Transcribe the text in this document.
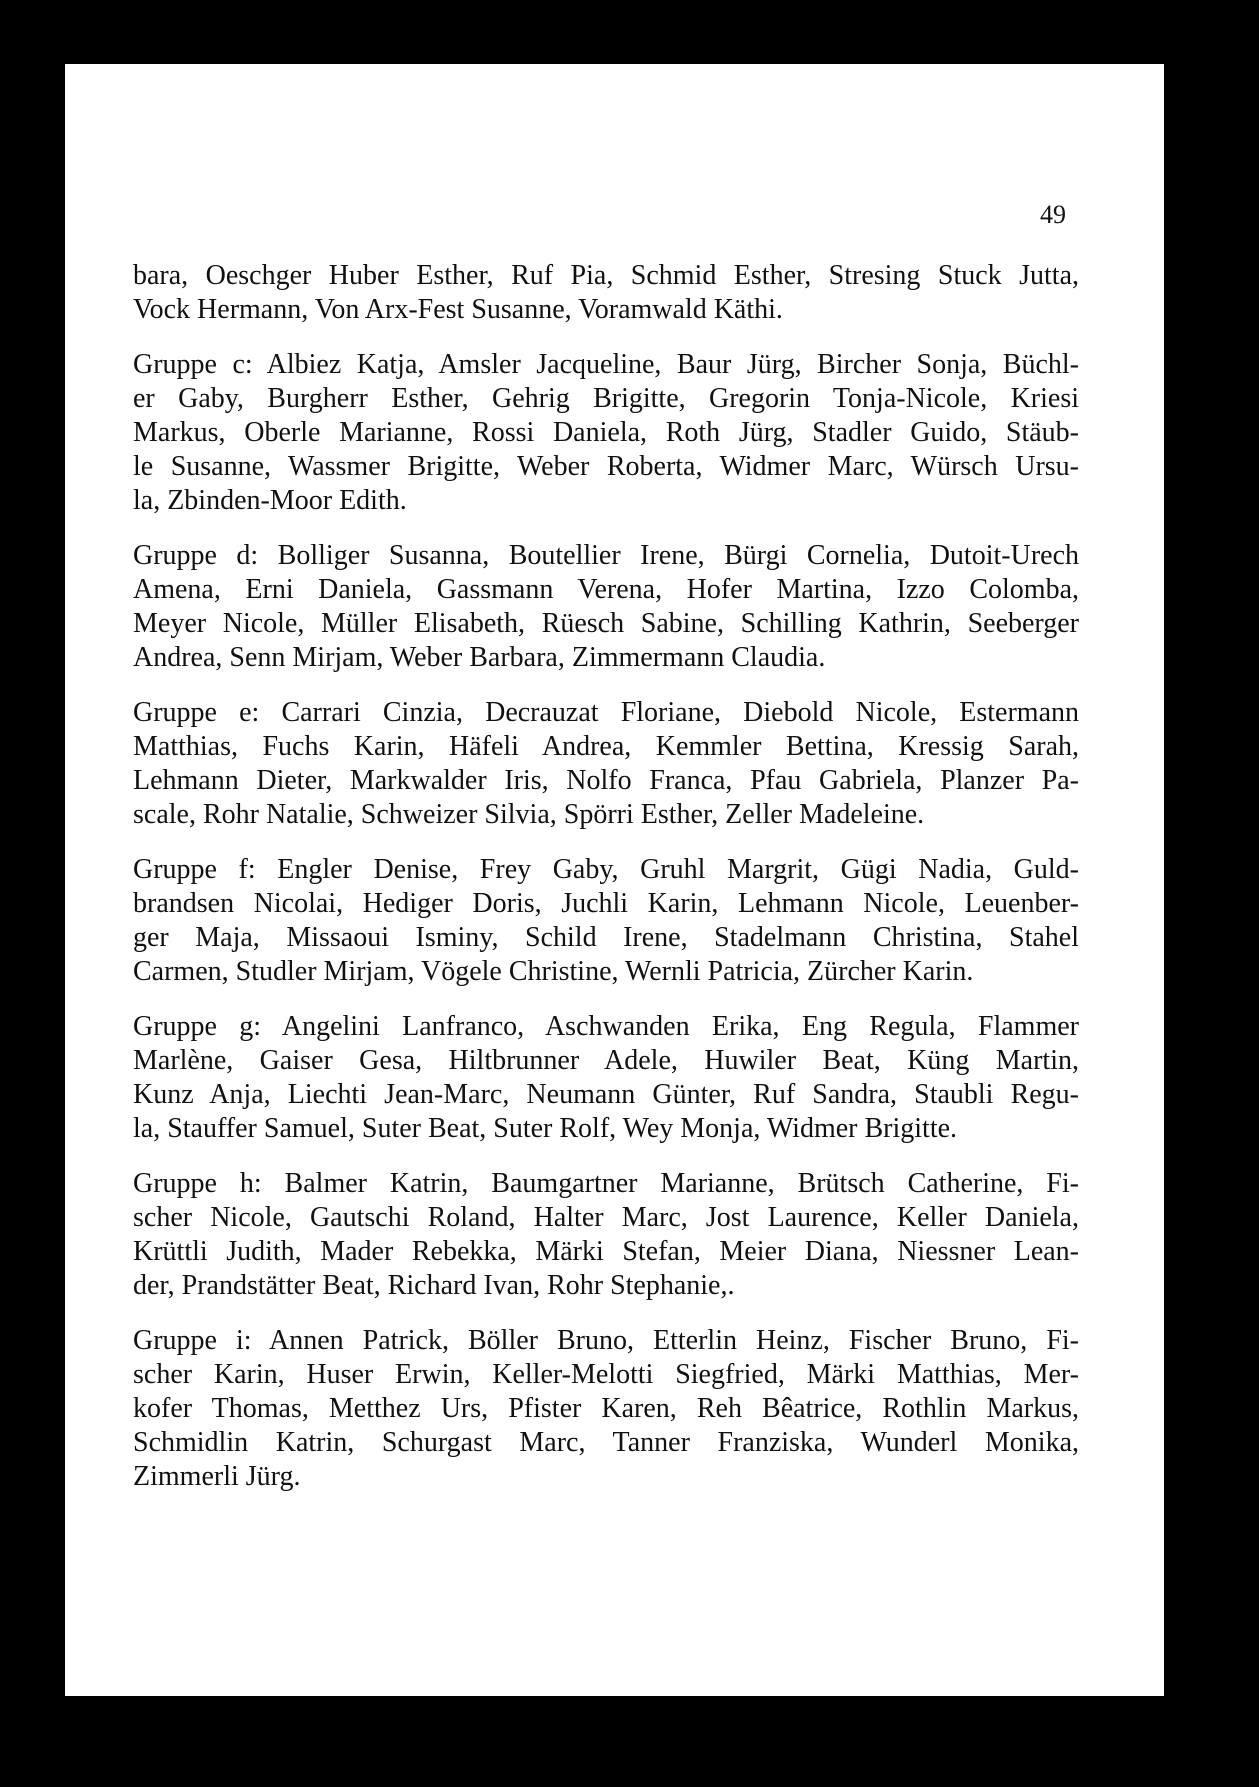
49
bara, Oeschger Huber Esther, Ruf Pia, Schmid Esther, Stresing Stuck Jutta,
Vock Hermann, Von Arx-Fest Susanne, Voramwald Käthi.
Gruppe c: Albiez Katja, Amsler Jacqueline, Baur Jürg, Bircher Sonja, Büchl-
er Gaby, Burgherr Esther, Gehrig Brigitte, Gregorin Tonja-Nicole, Kriesi
Markus, Oberle Marianne, Rossi Daniela, Roth Jürg, Stadler Guido, Stäub-
le Susanne, Wassmer Brigitte, Weber Roberta, Widmer Marc, Würsch Ursu-
la, Zbinden-Moor Edith.
Gruppe d: Bolliger Susanna, Boutellier Irene, Bürgi Cornelia, Dutoit-Urech
Amena, Erni Daniela, Gassmann Verena, Hofer Martina, Izzo Colomba,
Meyer Nicole, Müller Elisabeth, Rüesch Sabine, Schilling Kathrin, Seeberger
Andrea, Senn Mirjam, Weber Barbara, Zimmermann Claudia.
Gruppe e: Carrari Cinzia, Decrauzat Floriane, Diebold Nicole, Estermann
Matthias, Fuchs Karin, Häfeli Andrea, Kemmler Bettina, Kressig Sarah,
Lehmann Dieter, Markwalder Iris, Nolfo Franca, Pfau Gabriela, Planzer Pa-
scale, Rohr Natalie, Schweizer Silvia, Spörri Esther, Zeller Madeleine.
Gruppe f: Engler Denise, Frey Gaby, Gruhl Margrit, Gügi Nadia, Guld-
brandsen Nicolai, Hediger Doris, Juchli Karin, Lehmann Nicole, Leuenber-
ger Maja, Missaoui Isminy, Schild Irene, Stadelmann Christina, Stahel
Carmen, Studler Mirjam, Vögele Christine, Wernli Patricia, Zürcher Karin.
Gruppe g: Angelini Lanfranco, Aschwanden Erika, Eng Regula, Flammer
Marlène, Gaiser Gesa, Hiltbrunner Adele, Huwiler Beat, Küng Martin,
Kunz Anja, Liechti Jean-Marc, Neumann Günter, Ruf Sandra, Staubli Regu-
la, Stauffer Samuel, Suter Beat, Suter Rolf, Wey Monja, Widmer Brigitte.
Gruppe h: Balmer Katrin, Baumgartner Marianne, Brütsch Catherine, Fi-
scher Nicole, Gautschi Roland, Halter Marc, Jost Laurence, Keller Daniela,
Krüttli Judith, Mader Rebekka, Märki Stefan, Meier Diana, Niessner Lean-
der, Prandstätter Beat, Richard Ivan, Rohr Stephanie,.
Gruppe i: Annen Patrick, Böller Bruno, Etterlin Heinz, Fischer Bruno, Fi-
scher Karin, Huser Erwin, Keller-Melotti Siegfried, Märki Matthias, Mer-
kofer Thomas, Metthez Urs, Pfister Karen, Reh Bêatrice, Rothlin Markus,
Schmidlin Katrin, Schurgast Marc, Tanner Franziska, Wunderl Monika,
Zimmerli Jürg.
